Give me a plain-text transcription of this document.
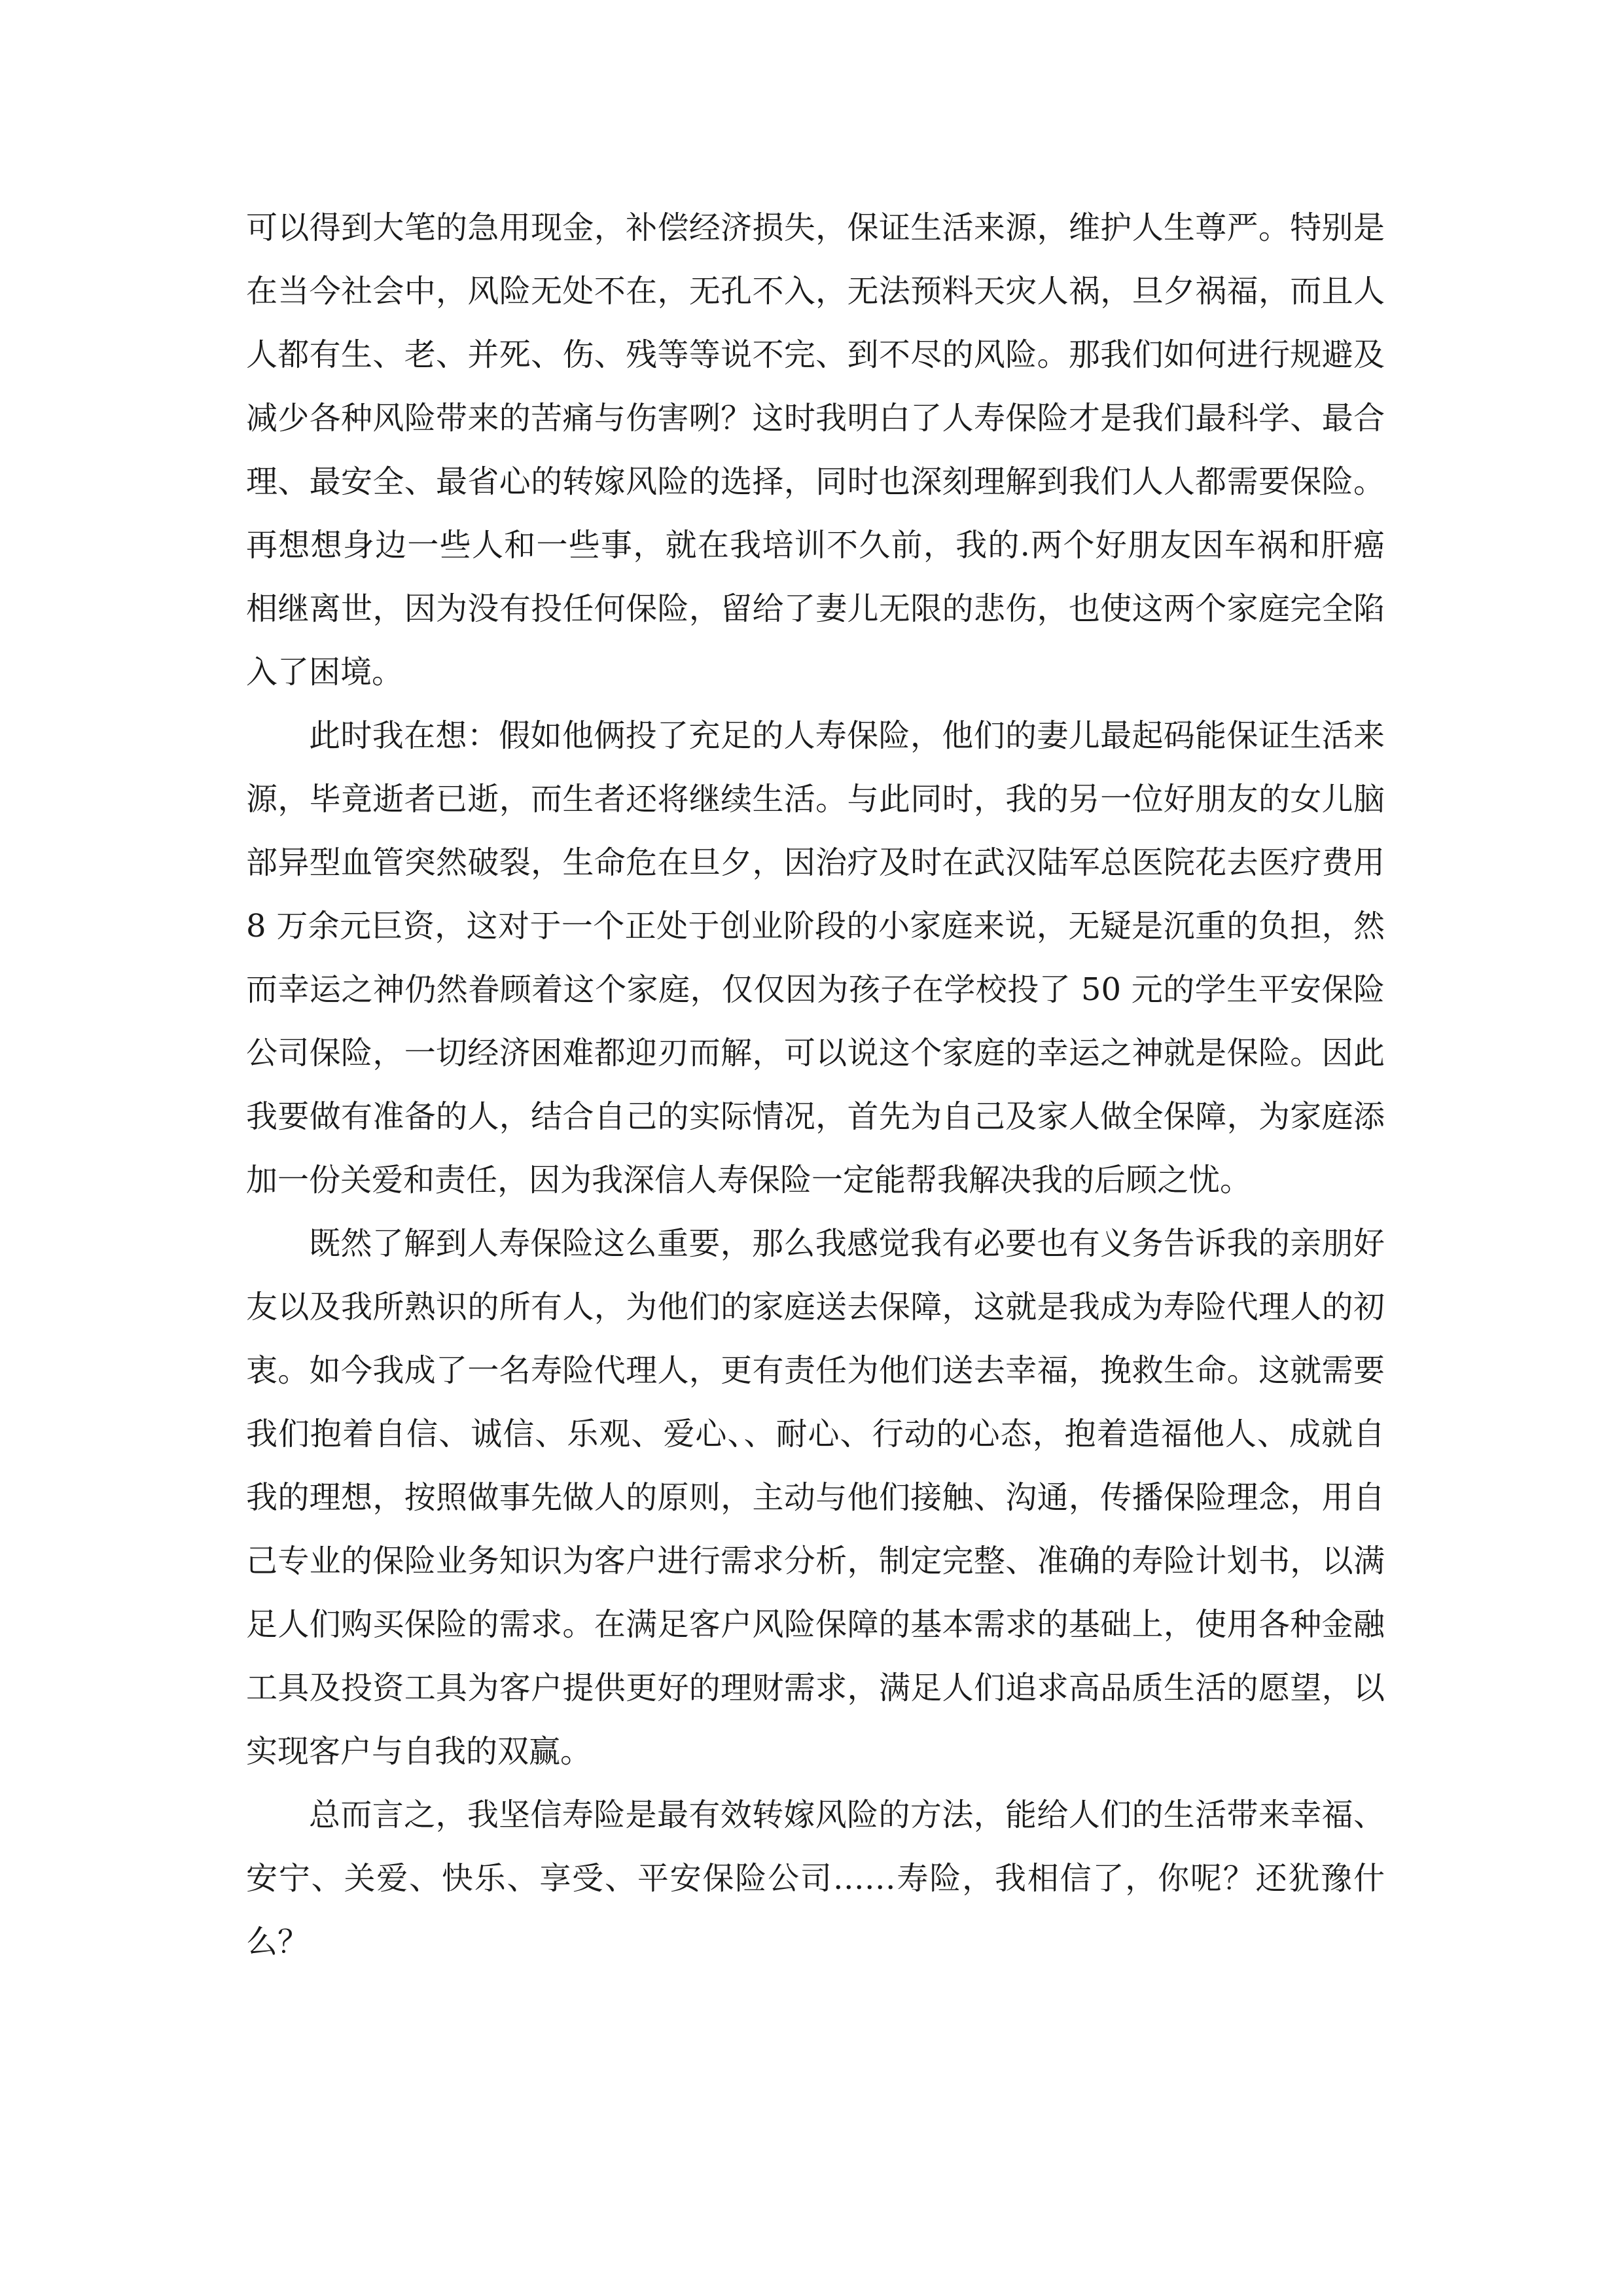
可以得到大笔的急用现金，补偿经济损失，保证生活来源，维护人生尊严。特别是在当今社会中，风险无处不在，无孔不入，无法预料天灾人祸，旦夕祸福，而且人人都有生、老、并死、伤、残等等说不完、到不尽的风险。那我们如何进行规避及减少各种风险带来的苦痛与伤害咧？这时我明白了人寿保险才是我们最科学、最合理、最安全、最省心的转嫁风险的选择，同时也深刻理解到我们人人都需要保险。再想想身边一些人和一些事，就在我培训不久前，我的.两个好朋友因车祸和肝癌相继离世，因为没有投任何保险，留给了妻儿无限的悲伤，也使这两个家庭完全陷入了困境。

此时我在想：假如他俩投了充足的人寿保险，他们的妻儿最起码能保证生活来源，毕竟逝者已逝，而生者还将继续生活。与此同时，我的另一位好朋友的女儿脑部异型血管突然破裂，生命危在旦夕，因治疗及时在武汉陆军总医院花去医疗费用 8 万余元巨资，这对于一个正处于创业阶段的小家庭来说，无疑是沉重的负担，然而幸运之神仍然眷顾着这个家庭，仅仅因为孩子在学校投了 50 元的学生平安保险公司保险，一切经济困难都迎刃而解，可以说这个家庭的幸运之神就是保险。因此我要做有准备的人，结合自己的实际情况，首先为自己及家人做全保障，为家庭添加一份关爱和责任，因为我深信人寿保险一定能帮我解决我的后顾之忧。

既然了解到人寿保险这么重要，那么我感觉我有必要也有义务告诉我的亲朋好友以及我所熟识的所有人，为他们的家庭送去保障，这就是我成为寿险代理人的初衷。如今我成了一名寿险代理人，更有责任为他们送去幸福，挽救生命。这就需要我们抱着自信、诚信、乐观、爱心、、耐心、行动的心态，抱着造福他人、成就自我的理想，按照做事先做人的原则，主动与他们接触、沟通，传播保险理念，用自己专业的保险业务知识为客户进行需求分析，制定完整、准确的寿险计划书，以满足人们购买保险的需求。在满足客户风险保障的基本需求的基础上，使用各种金融工具及投资工具为客户提供更好的理财需求，满足人们追求高品质生活的愿望，以实现客户与自我的双赢。

总而言之，我坚信寿险是最有效转嫁风险的方法，能给人们的生活带来幸福、安宁、关爱、快乐、享受、平安保险公司……寿险，我相信了，你呢？还犹豫什么？
